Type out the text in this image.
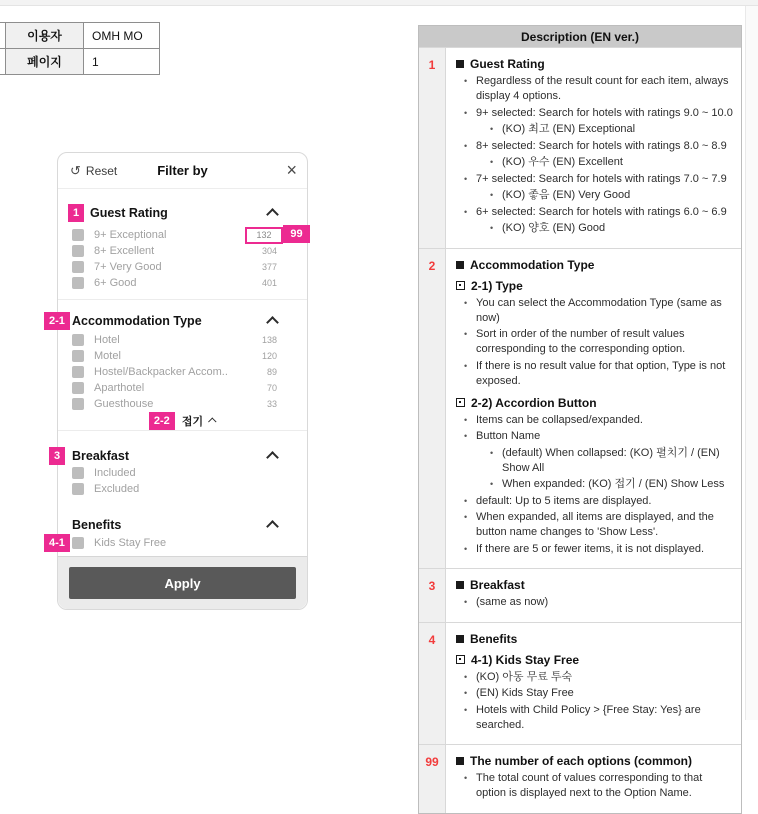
이용자	OMH MO
페이지	1
↺ Reset	Filter by	×
1 Guest Rating
9+ Exceptional	132	99
8+ Excellent	304
7+ Very Good	377
6+ Good	401
2-1 Accommodation Type
Hotel	138
Motel	120
Hostel/Backpacker Accom..	89
Aparthotel	70
Guesthouse	33
2-2	접기
3 Breakfast
Included
Excluded
Benefits
4-1	Kids Stay Free
Apply
Description (EN ver.)
1	Guest Rating
• Regardless of the result count for each item, always display 4 options.
• 9+ selected: Search for hotels with ratings 9.0 ~ 10.0
• (KO) 최고 (EN) Exceptional
• 8+ selected: Search for hotels with ratings 8.0 ~ 8.9
• (KO) 우수 (EN) Excellent
• 7+ selected: Search for hotels with ratings 7.0 ~ 7.9
• (KO) 좋음 (EN) Very Good
• 6+ selected: Search for hotels with ratings 6.0 ~ 6.9
• (KO) 양호 (EN) Good
2	Accommodation Type
2-1) Type
• You can select the Accommodation Type (same as now)
• Sort in order of the number of result values corresponding to the corresponding option.
• If there is no result value for that option, Type is not exposed.
2-2) Accordion Button
• Items can be collapsed/expanded.
• Button Name
• (default) When collapsed: (KO) 펼치기 / (EN) Show All
• When expanded: (KO) 접기 / (EN) Show Less
• default: Up to 5 items are displayed.
• When expanded, all items are displayed, and the button name changes to 'Show Less'.
• If there are 5 or fewer items, it is not displayed.
3	Breakfast
• (same as now)
4	Benefits
4-1) Kids Stay Free
• (KO) 아동 무료 투숙
• (EN) Kids Stay Free
• Hotels with Child Policy > {Free Stay: Yes} are searched.
99	The number of each options (common)
• The total count of values corresponding to that option is displayed next to the Option Name.
